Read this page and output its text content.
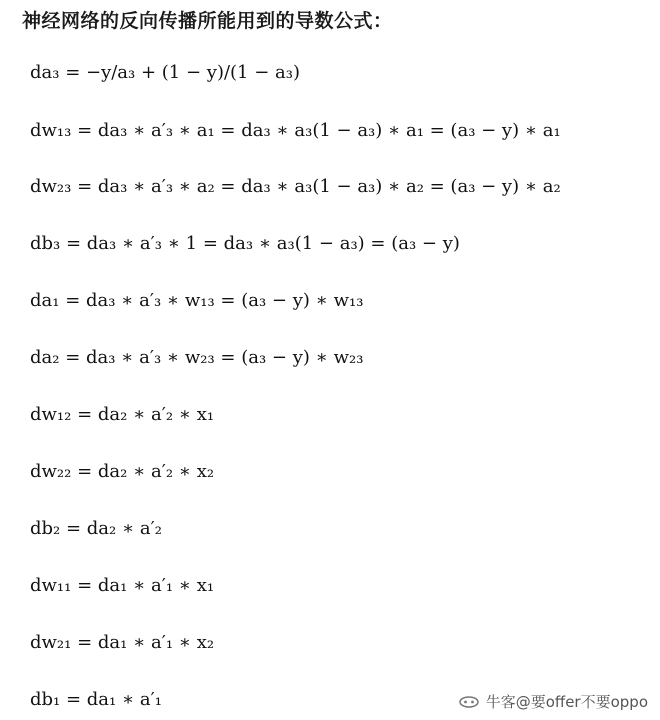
神经网络的反向传播所能用到的导数公式：
da₃ = −y/a₃ + (1 − y)/(1 − a₃)
dw₁₃ = da₃ ∗ a′₃ ∗ a₁ = da₃ ∗ a₃(1 − a₃) ∗ a₁ = (a₃ − y) ∗ a₁
dw₂₃ = da₃ ∗ a′₃ ∗ a₂ = da₃ ∗ a₃(1 − a₃) ∗ a₂ = (a₃ − y) ∗ a₂
db₃ = da₃ ∗ a′₃ ∗ 1 = da₃ ∗ a₃(1 − a₃) = (a₃ − y)
da₁ = da₃ ∗ a′₃ ∗ w₁₃ = (a₃ − y) ∗ w₁₃
da₂ = da₃ ∗ a′₃ ∗ w₂₃ = (a₃ − y) ∗ w₂₃
dw₁₂ = da₂ ∗ a′₂ ∗ x₁
dw₂₂ = da₂ ∗ a′₂ ∗ x₂
db₂ = da₂ ∗ a′₂
dw₁₁ = da₁ ∗ a′₁ ∗ x₁
dw₂₁ = da₁ ∗ a′₁ ∗ x₂
db₁ = da₁ ∗ a′₁	牛客@要offer不要oppo
